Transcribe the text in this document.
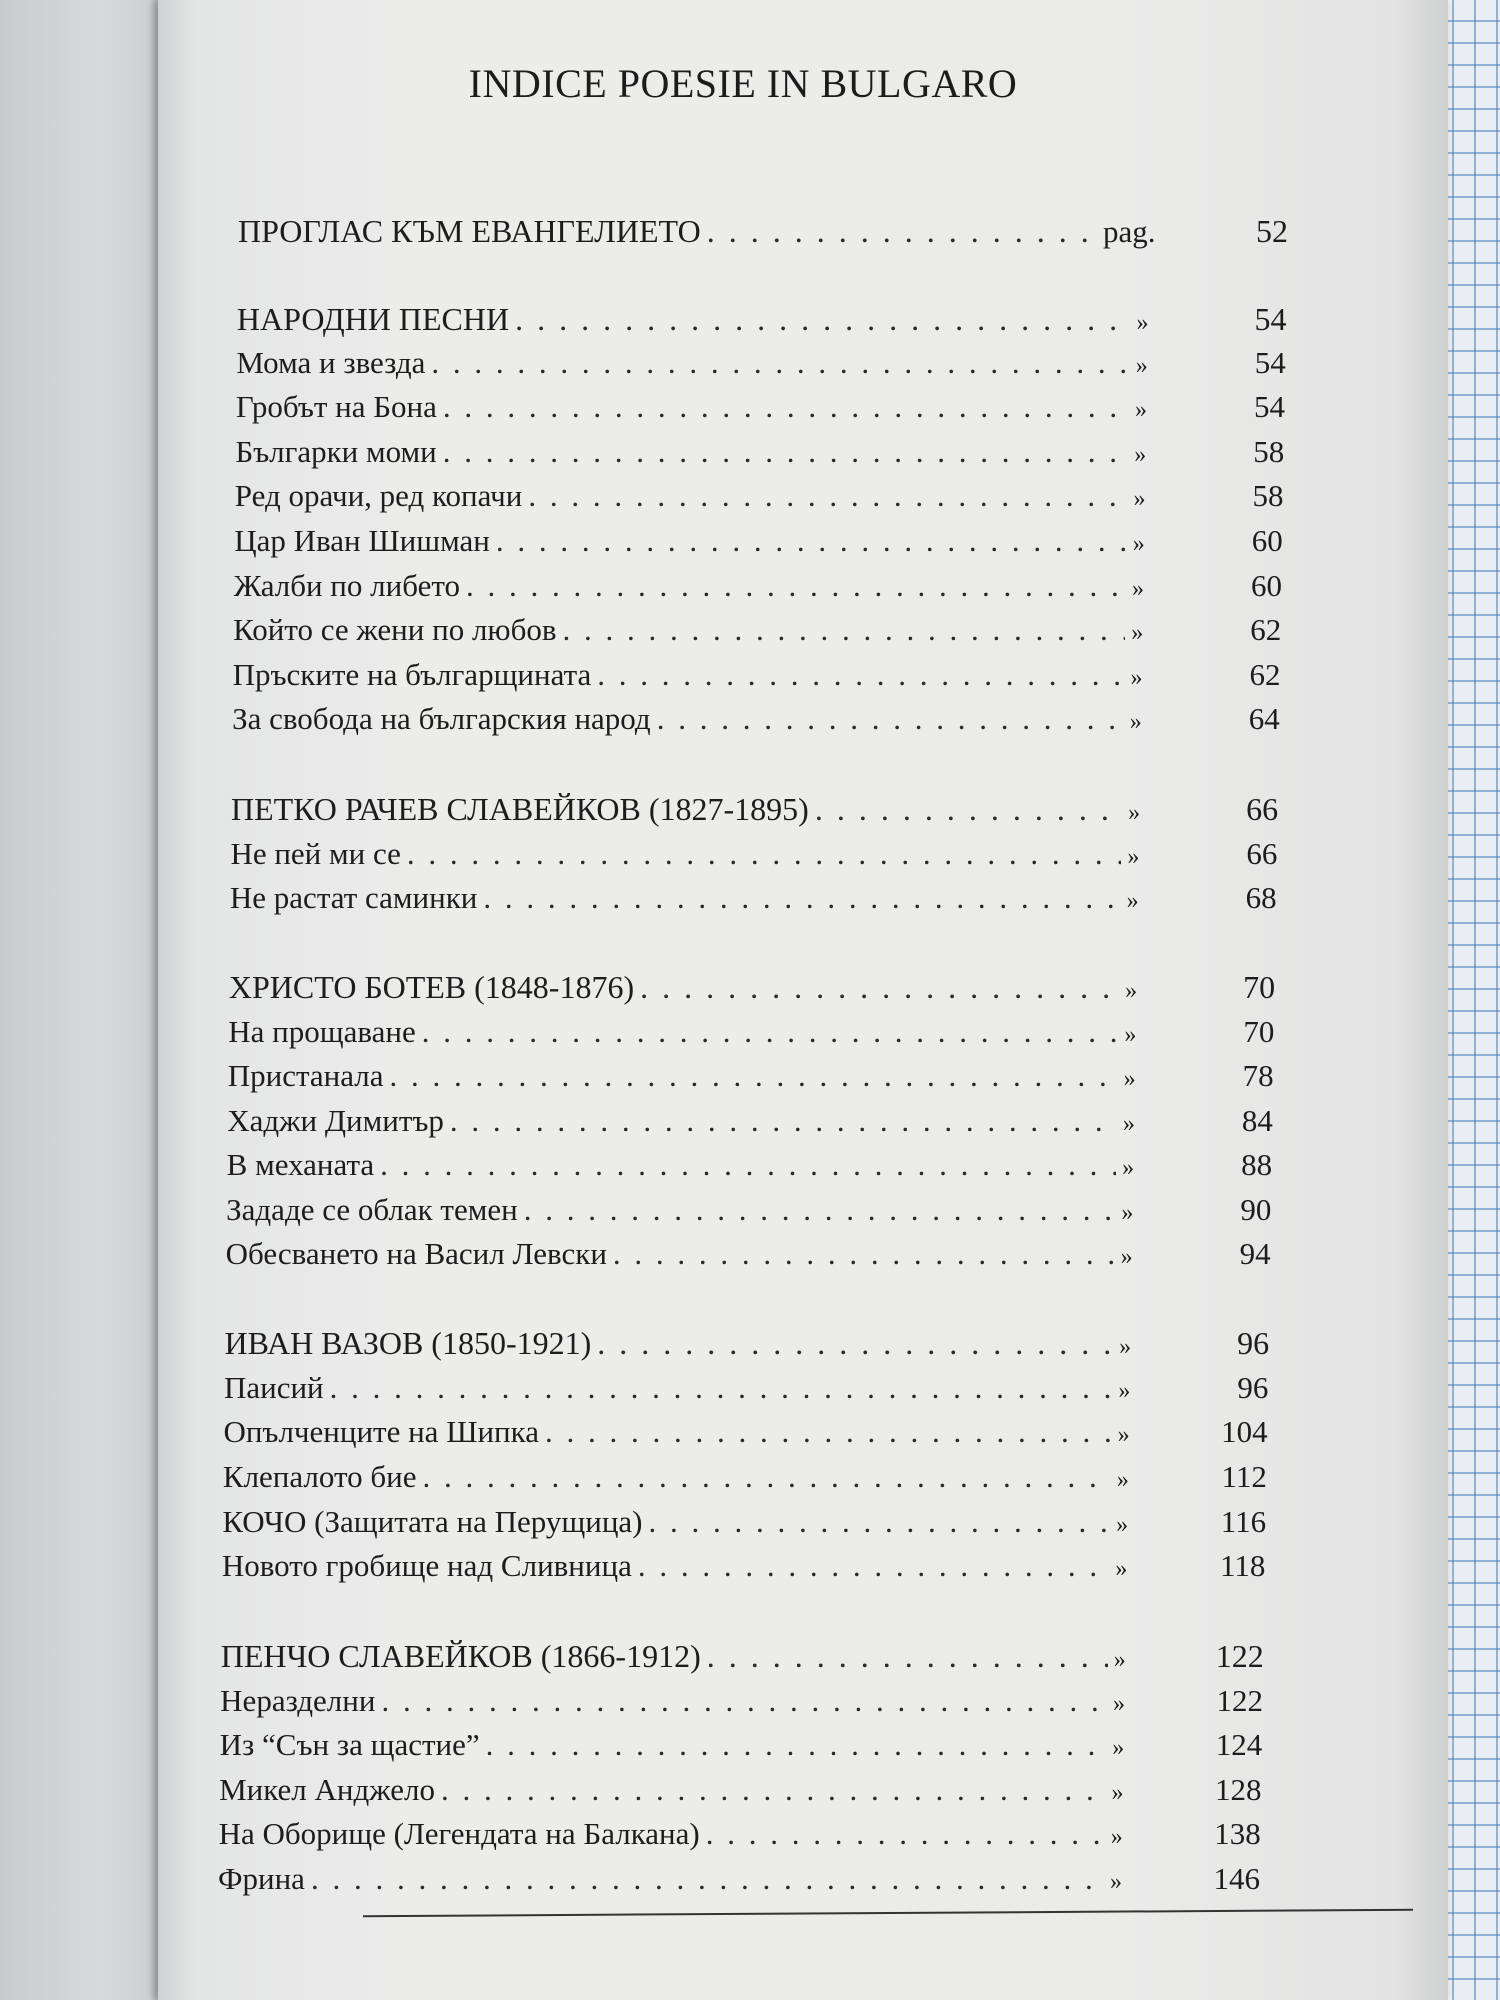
INDICE POESIE IN BULGARO
ПРОГЛАС КЪМ ЕВАНГЕЛИЕТО . . .	pag.	52
НАРОДНИ ПЕСНИ . . .	»	54
Мома и звезда . . .	»	54
Гробът на Бона . . .	»	54
Българки моми . . .	»	58
Ред орачи, ред копачи . . .	»	58
Цар Иван Шишман . . .	»	60
Жалби по либето . . .	»	60
Който се жени по любов . . .	»	62
Пръските на българщината . . .	»	62
За свобода на българския народ . . .	»	64
ПЕТКО РАЧЕВ СЛАВЕЙКОВ (1827-1895) . . .	»	66
Не пей ми се . . .	»	66
Не растат саминки . . .	»	68
ХРИСТО БОТЕВ (1848-1876) . . .	»	70
На прощаване . . .	»	70
Пристанала . . .	»	78
Хаджи Димитър . . .	»	84
В механата . . .	»	88
Зададе се облак темен . . .	»	90
Обесването на Васил Левски . . .	»	94
ИВАН ВАЗОВ (1850-1921) . . .	»	96
Паисий . . .	»	96
Опълченците на Шипка . . .	»	104
Клепалото бие . . .	»	112
КОЧО (Защитата на Перущица) . . .	»	116
Новото гробище над Сливница . . .	»	118
ПЕНЧО СЛАВЕЙКОВ (1866-1912) . . .	»	122
Неразделни . . .	»	122
Из “Сън за щастие” . . .	»	124
Микел Анджело . . .	»	128
На Оборище (Легендата на Балкана) . . .	»	138
Фрина . . .	»	146
